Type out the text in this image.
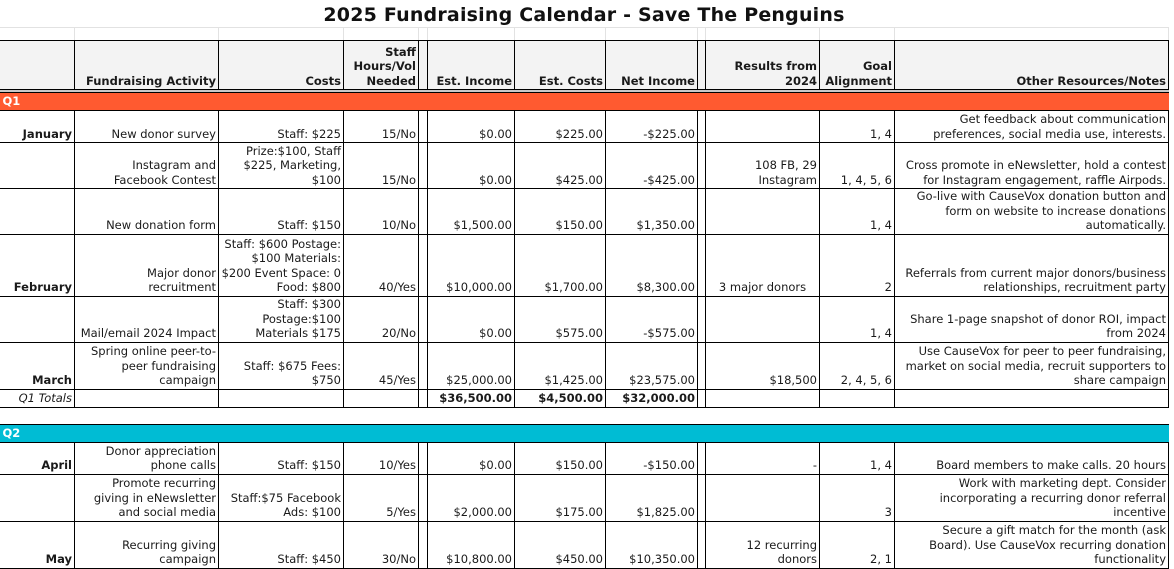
2025 Fundraising Calendar - Save The Penguins
	Fundraising Activity	Costs	Staff Hours/Vol Needed		Est. Income	Est. Costs	Net Income		Results from 2024	Goal Alignment	Other Resources/Notes

Q1											
January	New donor survey	Staff: $225	15/No		$0.00	$225.00	-$225.00			1, 4	Get feedback about communication preferences, social media use, interests.
	Instagram and Facebook Contest	Prize:$100, Staff $225, Marketing, $100	15/No		$0.00	$425.00	-$425.00		108 FB, 29 Instagram	1, 4, 5, 6	Cross promote in eNewsletter, hold a contest for Instagram engagement, raffle Airpods.
	New donation form	Staff: $150	10/No		$1,500.00	$150.00	$1,350.00			1, 4	Go-live with CauseVox donation button and form on website to increase donations automatically.
February	Major donor recruitment	Staff: $600 Postage: $100 Materials: $200 Event Space: 0 Food: $800	40/Yes		$10,000.00	$1,700.00	$8,300.00		3 major donors	2	Referrals from current major donors/business relationships, recruitment party
	Mail/email 2024 Impact	Staff: $300 Postage:$100 Materials $175	20/No		$0.00	$575.00	-$575.00			1, 4	Share 1-page snapshot of donor ROI, impact from 2024
March	Spring online peer-to-peer fundraising campaign	Staff: $675 Fees: $750	45/Yes		$25,000.00	$1,425.00	$23,575.00		$18,500	2, 4, 5, 6	Use CauseVox for peer to peer fundraising, market on social media, recruit supporters to share campaign
Q1 Totals					$36,500.00	$4,500.00	$32,000.00				

Q2											
April	Donor appreciation phone calls	Staff: $150	10/Yes		$0.00	$150.00	-$150.00		-	1, 4	Board members to make calls. 20 hours
	Promote recurring giving in eNewsletter and social media	Staff:$75 Facebook Ads: $100	5/Yes		$2,000.00	$175.00	$1,825.00			3	Work with marketing dept. Consider incorporating a recurring donor referral incentive
May	Recurring giving campaign	Staff: $450	30/No		$10,800.00	$450.00	$10,350.00		12 recurring donors	2, 1	Secure a gift match for the month (ask Board). Use CauseVox recurring donation functionality
